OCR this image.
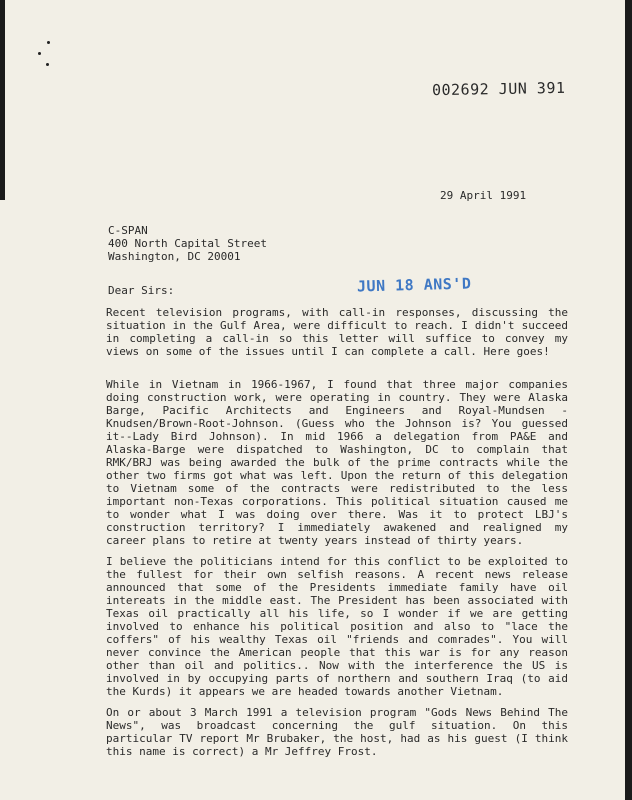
002692 JUN 391
29 April 1991
C-SPAN
400 North Capital Street
Washington, DC 20001
Dear Sirs:	JUN 18 ANS'D

Recent television programs, with call-in responses, discussing the situation in the Gulf Area, were difficult to reach. I didn't succeed in completing a call-in so this letter will suffice to convey my views on some of the issues until I can complete a call. Here goes!

While in Vietnam in 1966-1967, I found that three major companies doing construction work, were operating in country. They were Alaska Barge, Pacific Architects and Engineers and Royal-Mundsen -Knudsen/Brown-Root-Johnson. (Guess who the Johnson is? You guessed it--Lady Bird Johnson). In mid 1966 a delegation from PA&E and Alaska-Barge were dispatched to Washington, DC to complain that RMK/BRJ was being awarded the bulk of the prime contracts while the other two firms got what was left. Upon the return of this delegation to Vietnam some of the contracts were redistributed to the less important non-Texas corporations. This political situation caused me to wonder what I was doing over there. Was it to protect LBJ's construction territory? I immediately awakened and realigned my career plans to retire at twenty years instead of thirty years.

I believe the politicians intend for this conflict to be exploited to the fullest for their own selfish reasons. A recent news release announced that some of the Presidents immediate family have oil intereats in the middle east. The President has been associated with Texas oil practically all his life, so I wonder if we are getting involved to enhance his political position and also to "lace the coffers" of his wealthy Texas oil "friends and comrades". You will never convince the American people that this war is for any reason other than oil and politics.. Now with the interference the US is involved in by occupying parts of northern and southern Iraq (to aid the Kurds) it appears we are headed towards another Vietnam.

On or about 3 March 1991 a television program "Gods News Behind The News", was broadcast concerning the gulf situation. On this particular TV report Mr Brubaker, the host, had as his guest (I think this name is correct) a Mr Jeffrey Frost.
